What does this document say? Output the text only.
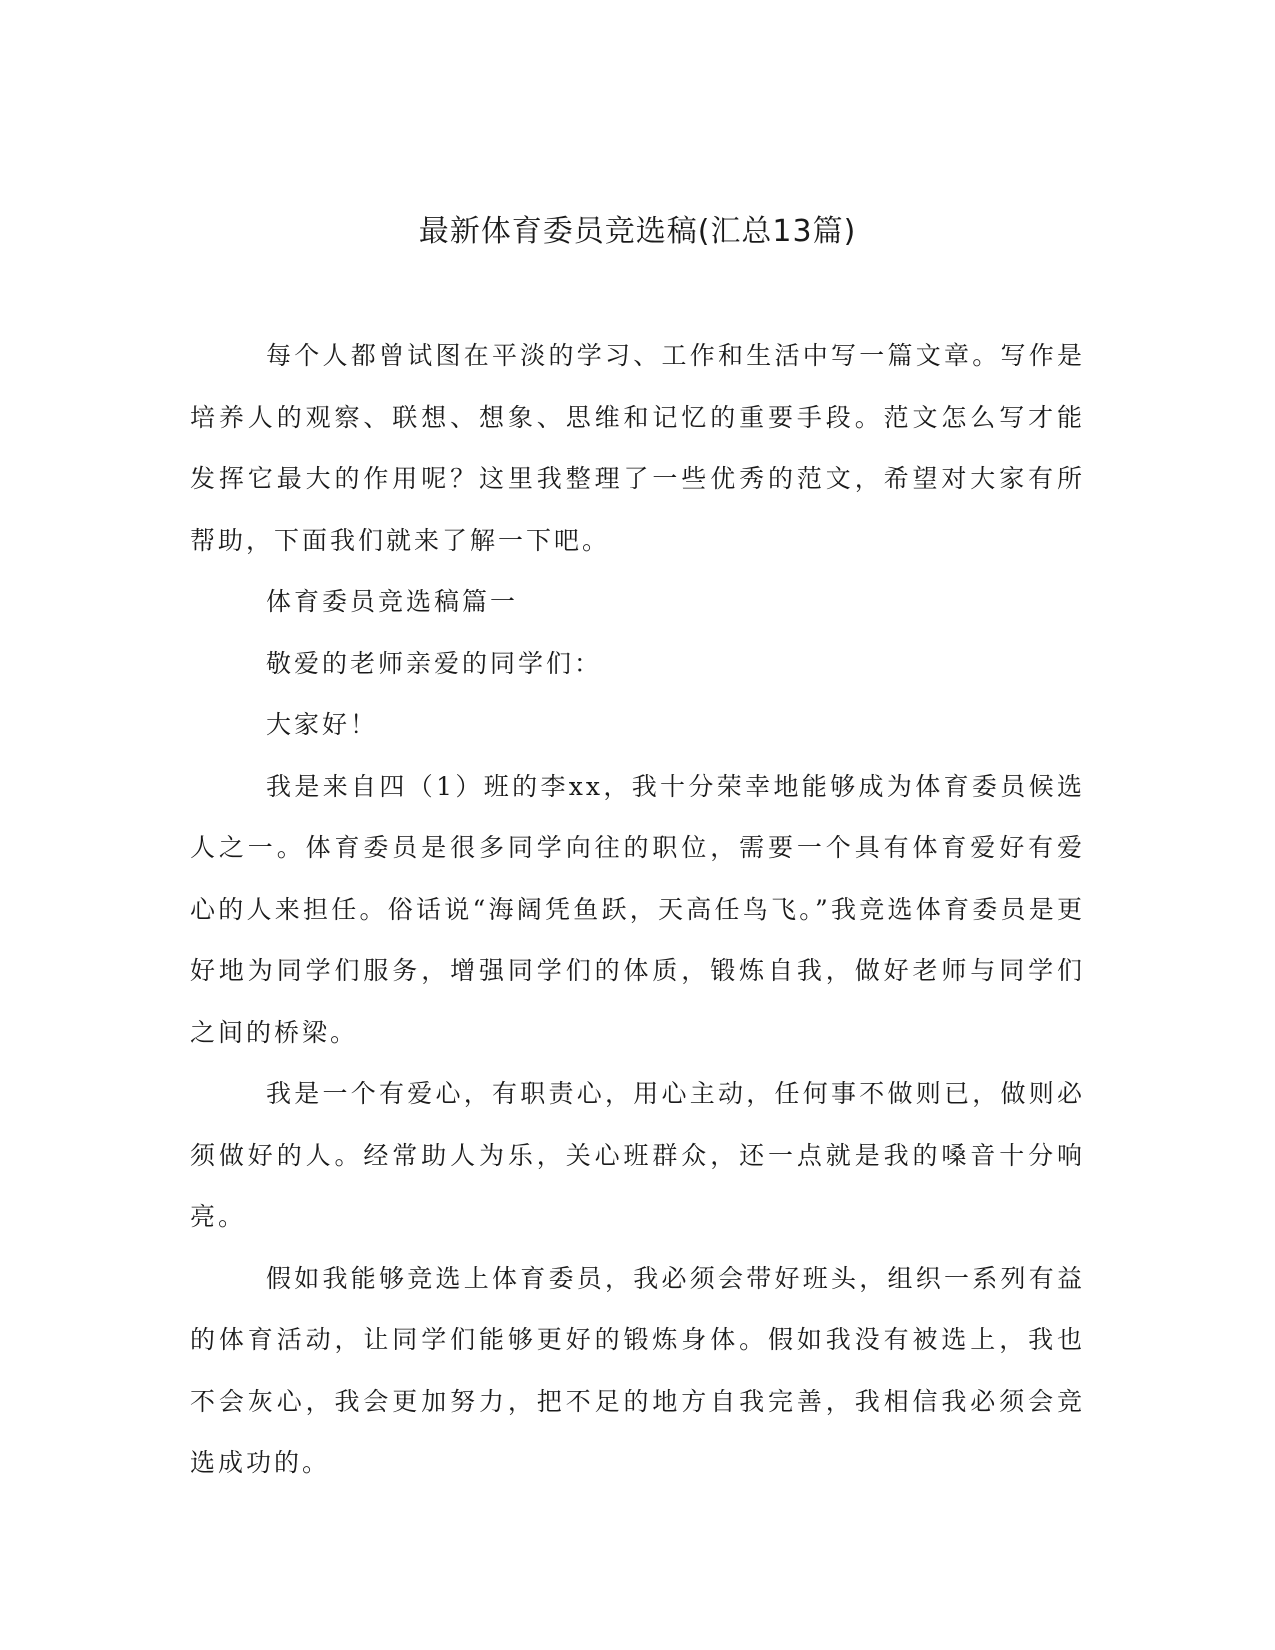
最新体育委员竞选稿(汇总13篇)

每个人都曾试图在平淡的学习、工作和生活中写一篇文章。写作是培养人的观察、联想、想象、思维和记忆的重要手段。范文怎么写才能发挥它最大的作用呢？这里我整理了一些优秀的范文，希望对大家有所帮助，下面我们就来了解一下吧。

体育委员竞选稿篇一

敬爱的老师亲爱的同学们：

大家好！

我是来自四（1）班的李xx，我十分荣幸地能够成为体育委员候选人之一。体育委员是很多同学向往的职位，需要一个具有体育爱好有爱心的人来担任。俗话说“海阔凭鱼跃，天高任鸟飞。”我竞选体育委员是更好地为同学们服务，增强同学们的体质，锻炼自我，做好老师与同学们之间的桥梁。

我是一个有爱心，有职责心，用心主动，任何事不做则已，做则必须做好的人。经常助人为乐，关心班群众，还一点就是我的嗓音十分响亮。

假如我能够竞选上体育委员，我必须会带好班头，组织一系列有益的体育活动，让同学们能够更好的锻炼身体。假如我没有被选上，我也不会灰心，我会更加努力，把不足的地方自我完善，我相信我必须会竞选成功的。
